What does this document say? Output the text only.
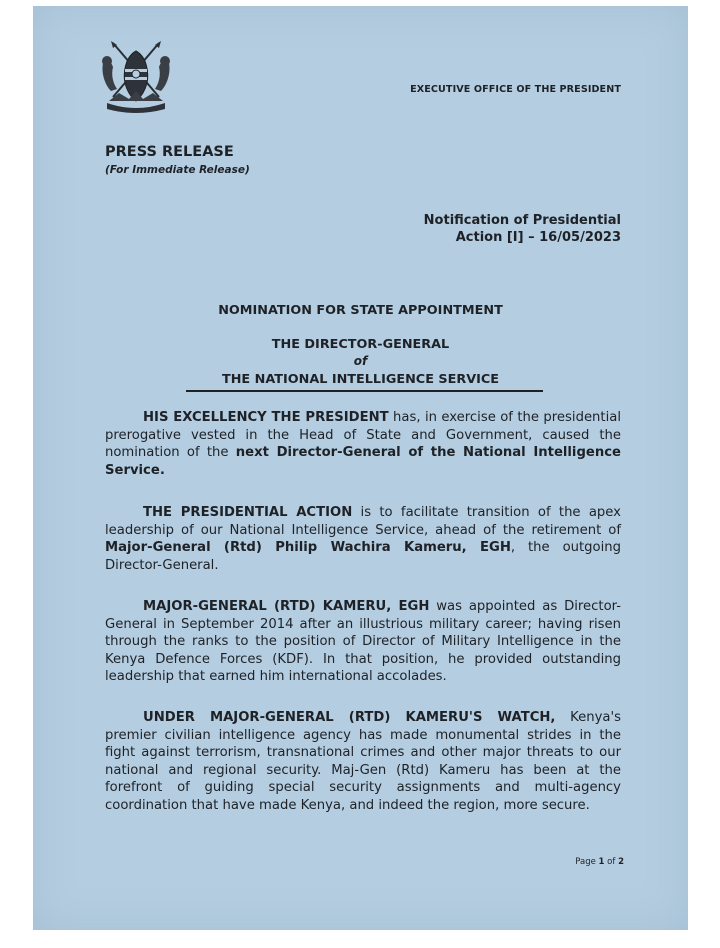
EXECUTIVE OFFICE OF THE PRESIDENT
PRESS RELEASE
(For Immediate Release)
Notification of Presidential
Action [I] – 16/05/2023
NOMINATION FOR STATE APPOINTMENT
THE DIRECTOR-GENERAL
of
THE NATIONAL INTELLIGENCE SERVICE

HIS EXCELLENCY THE PRESIDENT has, in exercise of the presidential prerogative vested in the Head of State and Government, caused the nomination of the next Director-General of the National Intelligence Service.

THE PRESIDENTIAL ACTION is to facilitate transition of the apex leadership of our National Intelligence Service, ahead of the retirement of Major-General (Rtd) Philip Wachira Kameru, EGH, the outgoing Director-General.

MAJOR-GENERAL (RTD) KAMERU, EGH was appointed as Director-General in September 2014 after an illustrious military career; having risen through the ranks to the position of Director of Military Intelligence in the Kenya Defence Forces (KDF). In that position, he provided outstanding leadership that earned him international accolades.

UNDER MAJOR-GENERAL (RTD) KAMERU'S WATCH, Kenya's premier civilian intelligence agency has made monumental strides in the fight against terrorism, transnational crimes and other major threats to our national and regional security. Maj-Gen (Rtd) Kameru has been at the forefront of guiding special security assignments and multi-agency coordination that have made Kenya, and indeed the region, more secure.

Page 1 of 2
